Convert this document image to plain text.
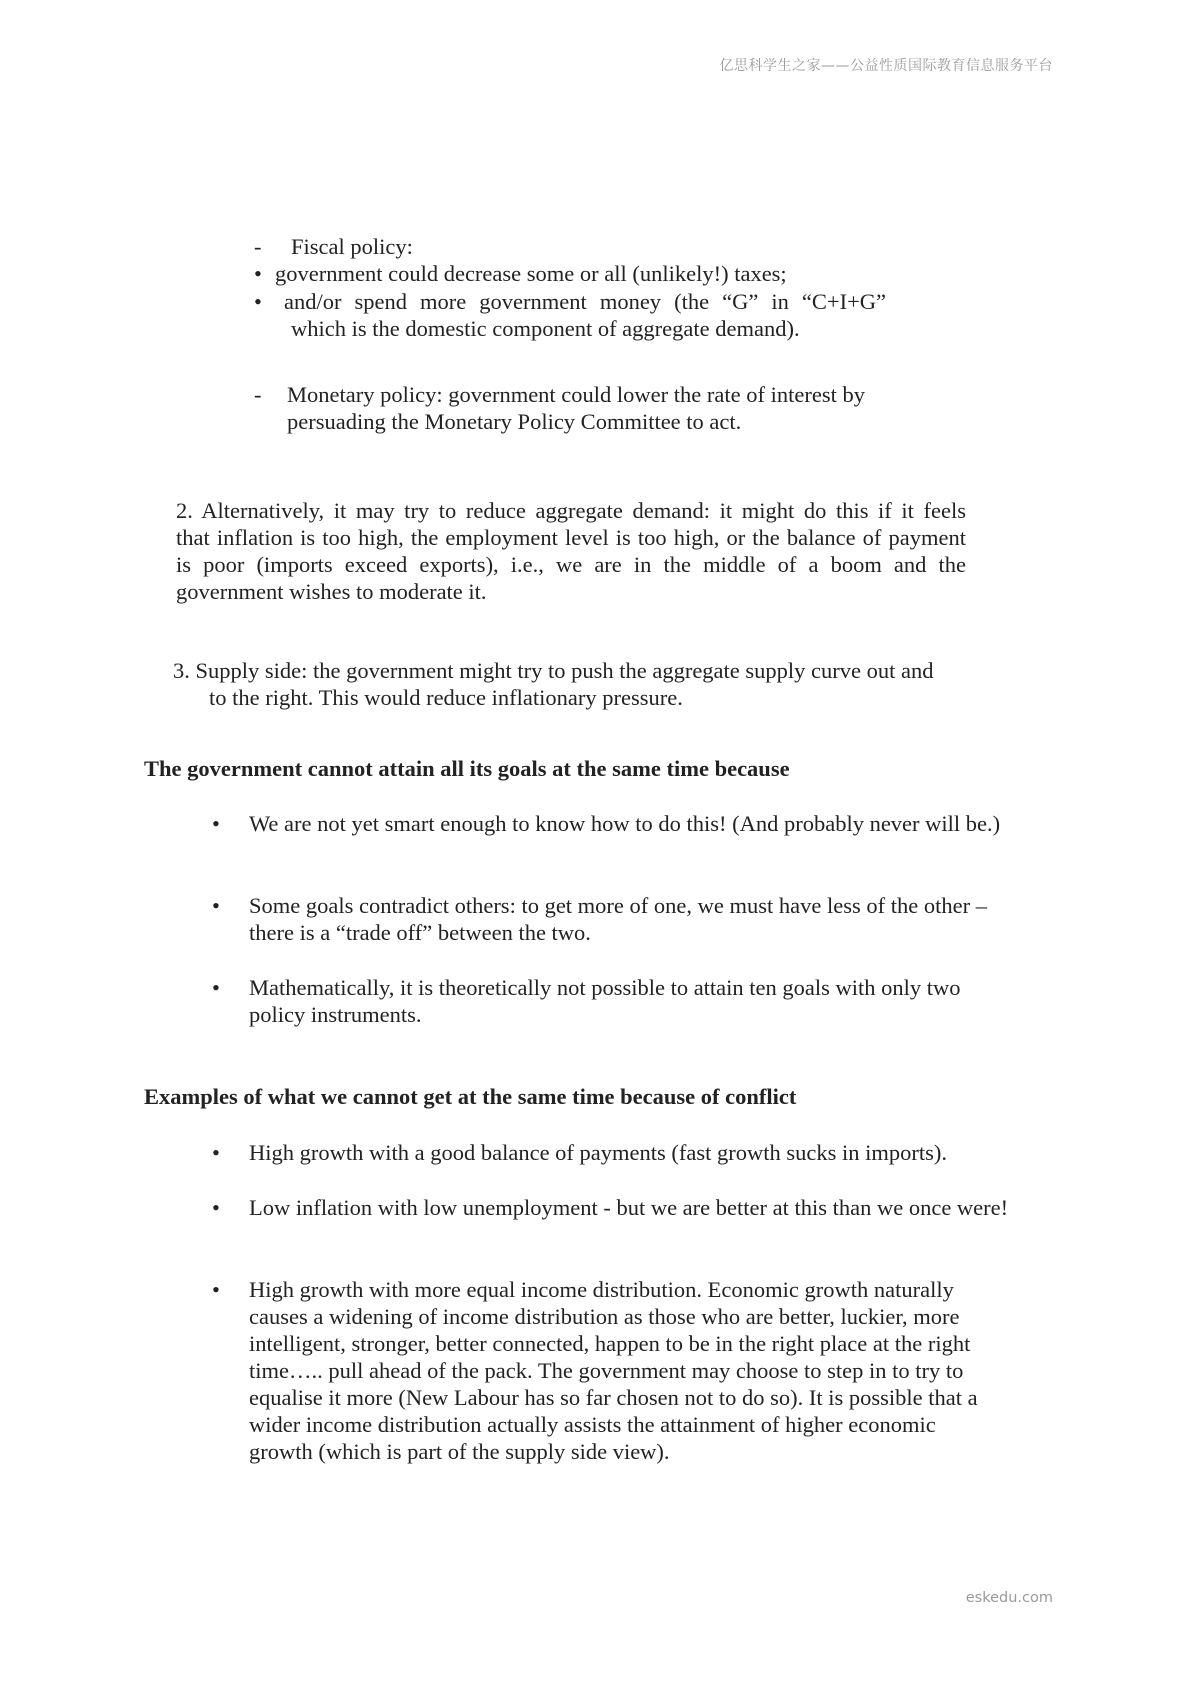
亿思科学生之家——公益性质国际教育信息服务平台
eskedu.com
- Fiscal policy:
• government could decrease some or all (unlikely!) taxes;
• and/or spend more government money (the “G” in “C+I+G”
which is the domestic component of aggregate demand).
- Monetary policy: government could lower the rate of interest by
persuading the Monetary Policy Committee to act.
2. Alternatively, it may try to reduce aggregate demand: it might do this if it feels
that inflation is too high, the employment level is too high, or the balance of payment
is poor (imports exceed exports), i.e., we are in the middle of a boom and the
government wishes to moderate it.
3. Supply side: the government might try to push the aggregate supply curve out and
to the right. This would reduce inflationary pressure.
The government cannot attain all its goals at the same time because
• We are not yet smart enough to know how to do this! (And probably never will be.)
• Some goals contradict others: to get more of one, we must have less of the other – there is a “trade off” between the two.
• Mathematically, it is theoretically not possible to attain ten goals with only two policy instruments.
Examples of what we cannot get at the same time because of conflict
• High growth with a good balance of payments (fast growth sucks in imports).
• Low inflation with low unemployment - but we are better at this than we once were!
• High growth with more equal income distribution. Economic growth naturally causes a widening of income distribution as those who are better, luckier, more intelligent, stronger, better connected, happen to be in the right place at the right time….. pull ahead of the pack. The government may choose to step in to try to equalise it more (New Labour has so far chosen not to do so). It is possible that a wider income distribution actually assists the attainment of higher economic growth (which is part of the supply side view).
